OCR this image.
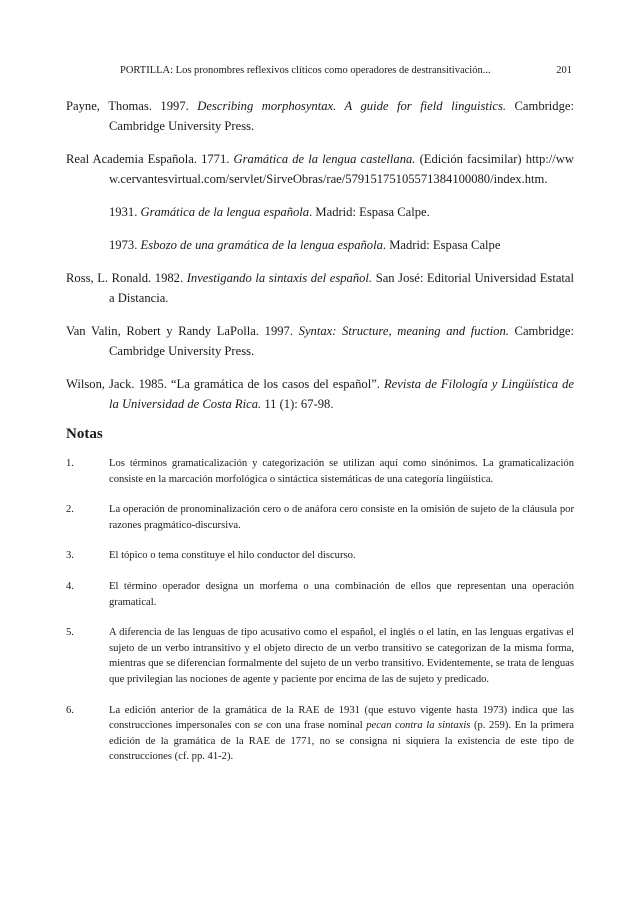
PORTILLA: Los pronombres reflexivos clíticos como operadores de destransitivación...	201

Payne, Thomas. 1997. Describing morphosyntax. A guide for field linguistics. Cambridge: Cambridge University Press.

Real Academia Española. 1771. Gramática de la lengua castellana. (Edición facsimilar) http://www.cervantesvirtual.com/servlet/SirveObras/rae/57915175105571384100080/index.htm.

1931. Gramática de la lengua española. Madrid: Espasa Calpe.

1973. Esbozo de una gramática de la lengua española. Madrid: Espasa Calpe

Ross, L. Ronald. 1982. Investigando la sintaxis del español. San José: Editorial Universidad Estatal a Distancia.

Van Valin, Robert y Randy LaPolla. 1997. Syntax: Structure, meaning and fuction. Cambridge: Cambridge University Press.

Wilson, Jack. 1985. “La gramática de los casos del español”. Revista de Filología y Lingüística de la Universidad de Costa Rica. 11 (1): 67-98.

Notas
1.	Los términos gramaticalización y categorización se utilizan aquí como sinónimos. La gramaticalización consiste en la marcación morfológica o sintáctica sistemáticas de una categoría lingüística.
2.	La operación de pronominalización cero o de anáfora cero consiste en la omisión de sujeto de la cláusula por razones pragmático-discursiva.
3.	El tópico o tema constituye el hilo conductor del discurso.
4.	El término operador designa un morfema o una combinación de ellos que representan una operación gramatical.
5.	A diferencia de las lenguas de tipo acusativo como el español, el inglés o el latín, en las lenguas ergativas el sujeto de un verbo intransitivo y el objeto directo de un verbo transitivo se categorizan de la misma forma, mientras que se diferencian formalmente del sujeto de un verbo transitivo. Evidentemente, se trata de lenguas que privilegian las nociones de agente y paciente por encima de las de sujeto y predicado.
6.	La edición anterior de la gramática de la RAE de 1931 (que estuvo vigente hasta 1973) indica que las construcciones impersonales con se con una frase nominal pecan contra la sintaxis (p. 259). En la primera edición de la gramática de la RAE de 1771, no se consigna ni siquiera la existencia de este tipo de construcciones (cf. pp. 41-2).
